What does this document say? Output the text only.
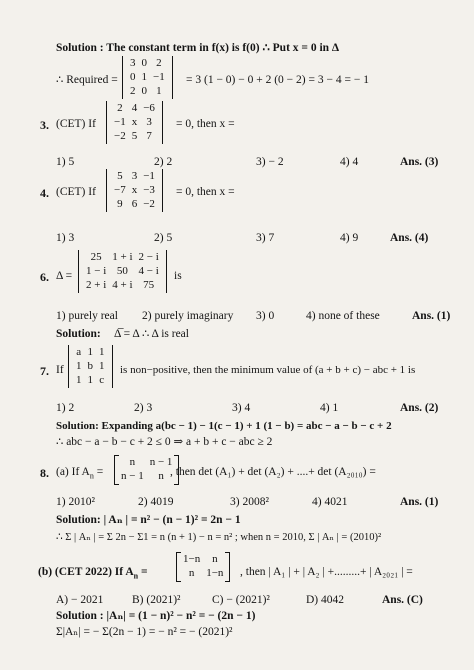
Solution : The constant term in f(x) is f(0) ∴ Put x = 0 in Δ
∴ Required =
3	0	2
0	1	−1
2	0	1
= 3 (1 − 0) − 0 + 2 (0 − 2) = 3 − 4 = − 1
3. (CET) If
2	4	−6
−1	x	3
−2	5	7
= 0, then x =
1) 5	2) 2	3) − 2	4) 4	Ans. (3)
4. (CET) If
5	3	−1
−7	x	−3
9	6	−2
= 0, then x =
1) 3	2) 5	3) 7	4) 9	Ans. (4)
6. Δ =
25	1 + i	2 − i
1 − i	50	4 − i
2 + i	4 + i	75
is
1) purely real 2) purely imaginary 3) 0	4) none of these	Ans. (1)
Solution: Δ̅ = Δ ∴ Δ is real
7. If
a	1	1
1	b	1
1	1	c
is non−positive, then the minimum value of (a + b + c) − abc + 1 is
1) 2	2) 3	3) 4	4) 1	Ans. (2)
Solution: Expanding a(bc − 1) − 1(c − 1) + 1 (1 − b) = abc − a − b − c + 2
∴ abc − a − b − c + 2 ≤ 0 ⇒ a + b + c − abc ≥ 2
8. (a) If $A_n$ =
n	n − 1
n − 1	n , then det (A₁) + det (A₂) + ....+ det (A₂₀₁₀) =
1) 2010²	2) 4019	3) 2008²	4) 4021	Ans. (1)
Solution: | Aₙ | = n² − (n − 1)² = 2n − 1
∴ Σ | Aₙ | = Σ 2n − Σ1 = n (n + 1) − n = n² ; when n = 2010, Σ | Aₙ | = (2010)²
(b) (CET 2022) If $A_n$ =
1−n	n
n	1−n , then | A₁ | + | A₂ | +.........+ | A₂₀₂₁ | =
A) − 2021 B) (2021)²	C) − (2021)²	D) 4042	Ans. (C)
Solution : |Aₙ| = (1 − n)² − n² = − (2n − 1)
Σ|Aₙ| = − Σ(2n − 1) = − n² = − (2021)²
